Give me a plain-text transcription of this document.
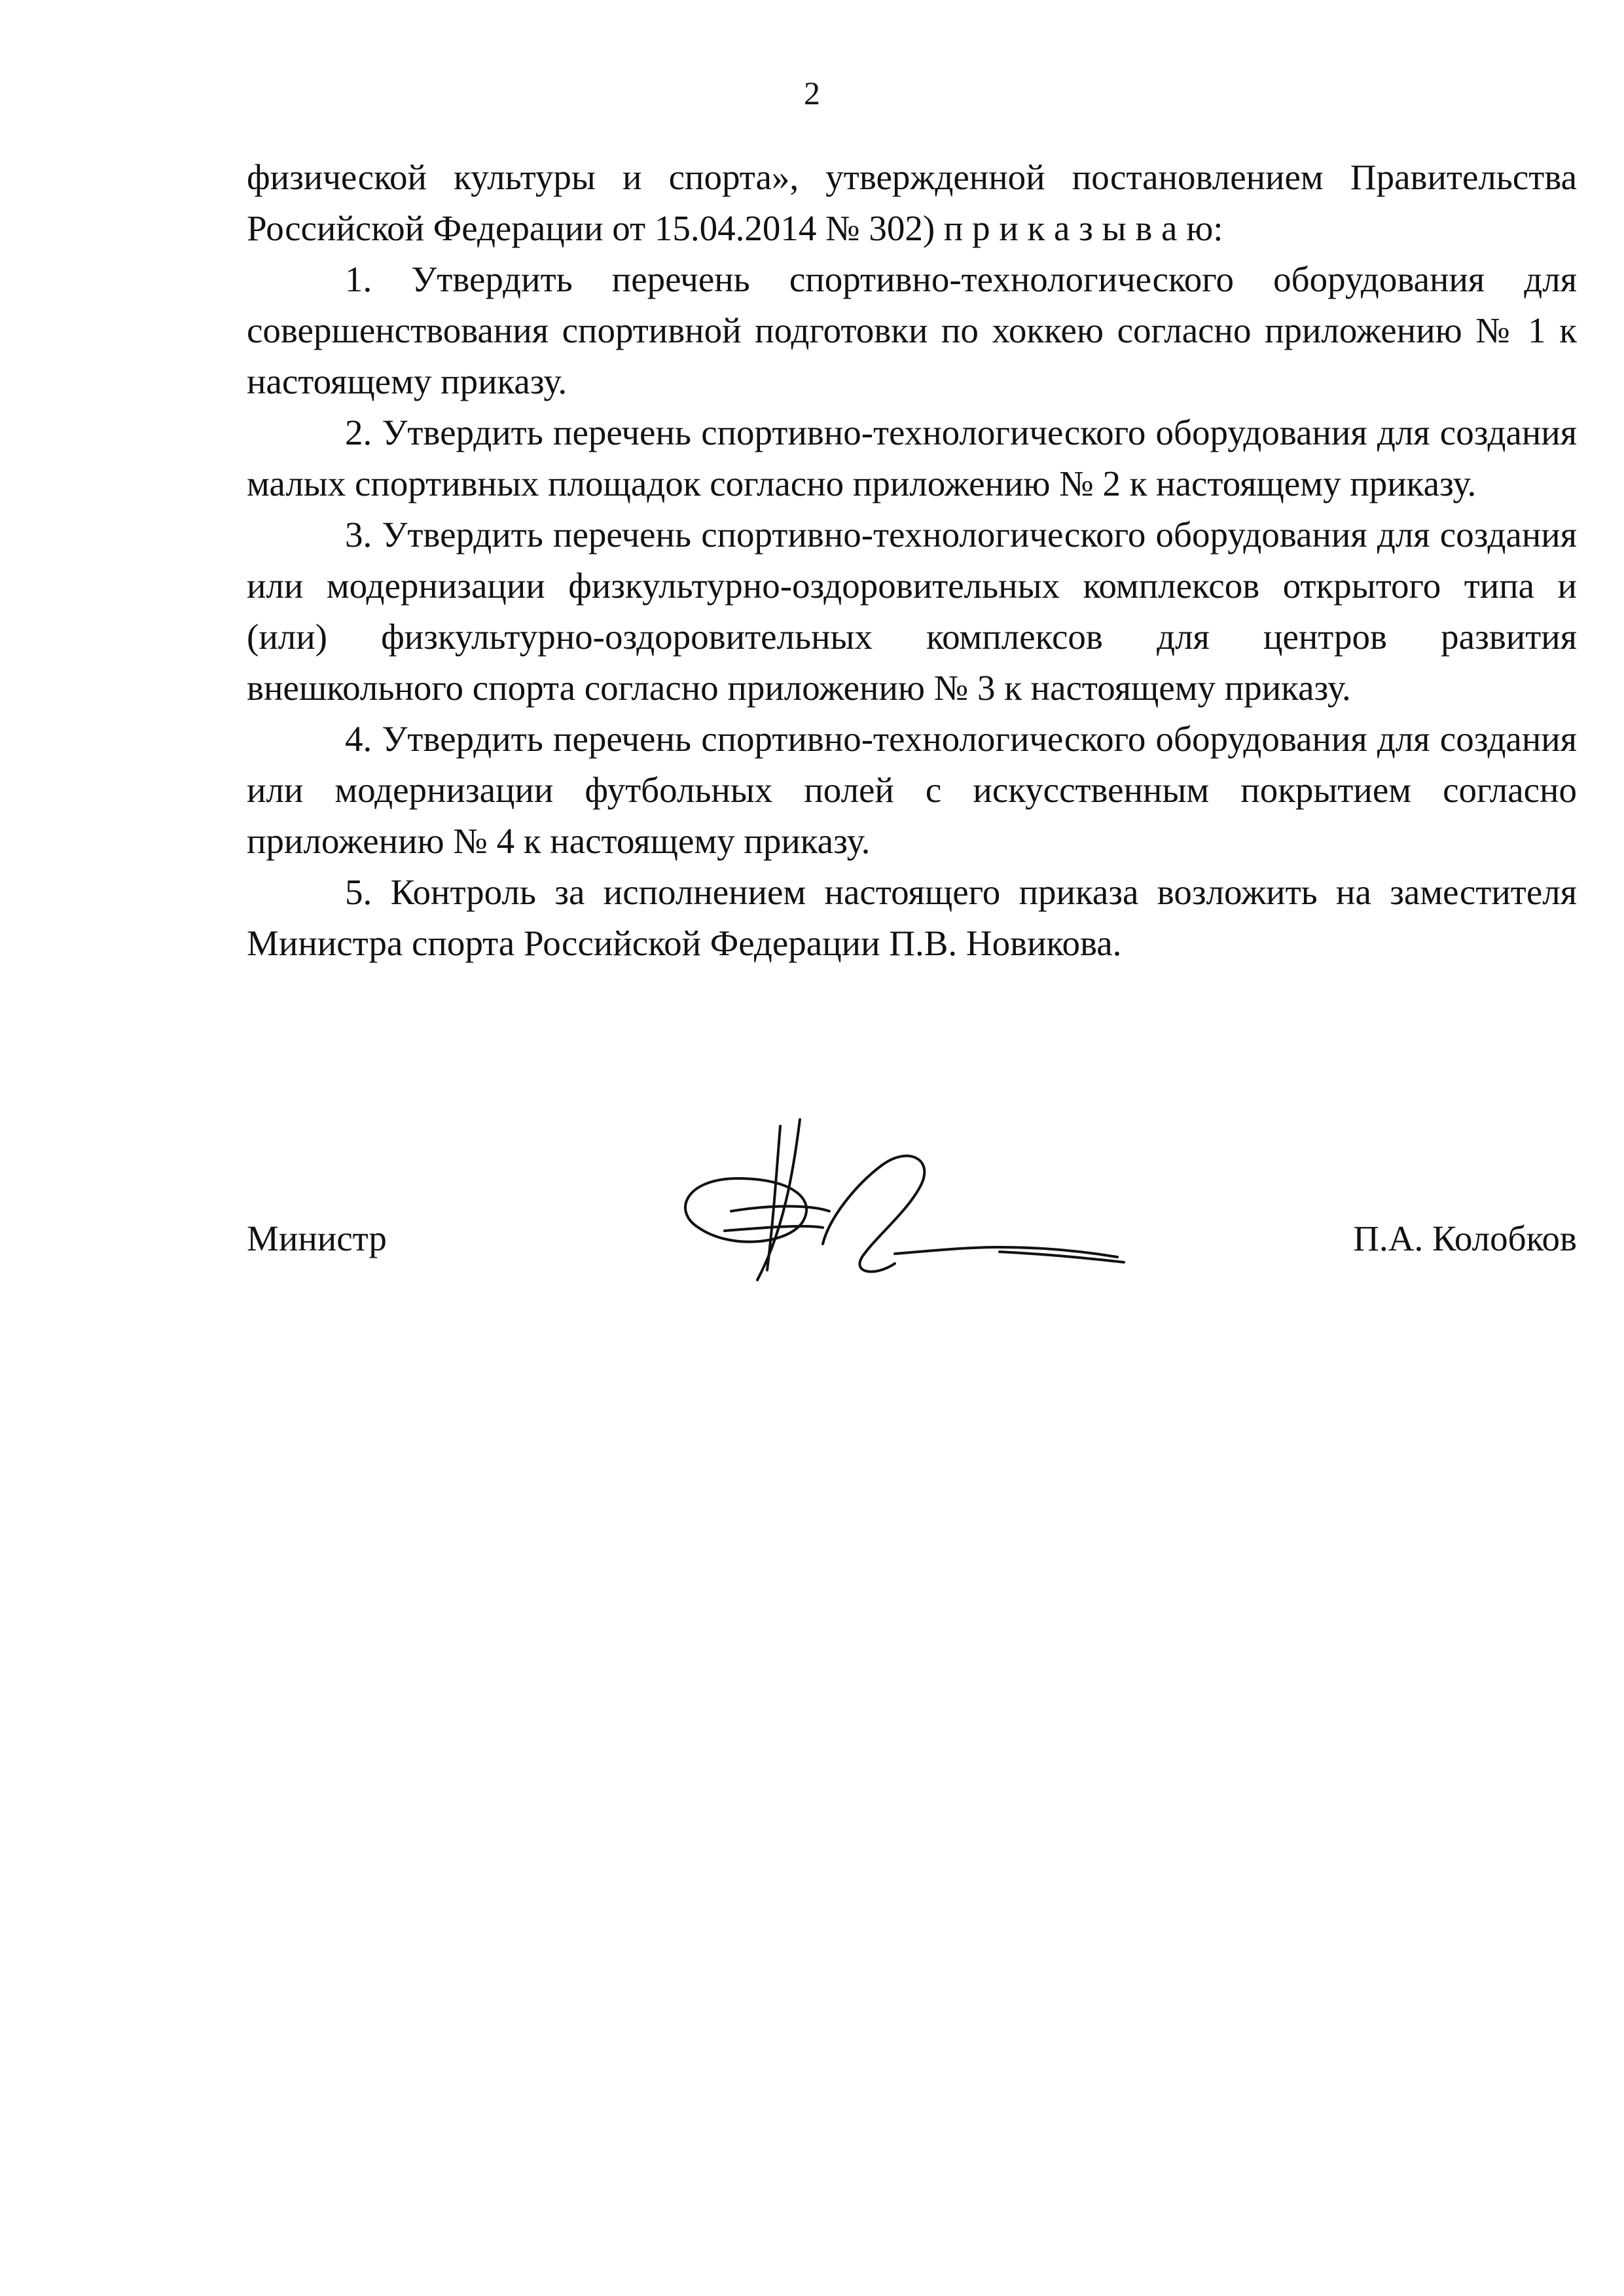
2

физической культуры и спорта», утвержденной постановлением Правительства Российской Федерации от 15.04.2014 № 302) п р и к а з ы в а ю:

1. Утвердить перечень спортивно-технологического оборудования для совершенствования спортивной подготовки по хоккею согласно приложению № 1 к настоящему приказу.

2. Утвердить перечень спортивно-технологического оборудования для создания малых спортивных площадок согласно приложению № 2 к настоящему приказу.

3. Утвердить перечень спортивно-технологического оборудования для создания или модернизации физкультурно-оздоровительных комплексов открытого типа и (или) физкультурно-оздоровительных комплексов для центров развития внешкольного спорта согласно приложению № 3 к настоящему приказу.

4. Утвердить перечень спортивно-технологического оборудования для создания или модернизации футбольных полей с искусственным покрытием согласно приложению № 4 к настоящему приказу.

5. Контроль за исполнением настоящего приказа возложить на заместителя Министра спорта Российской Федерации П.В. Новикова.

Министр	П.А. Колобков
